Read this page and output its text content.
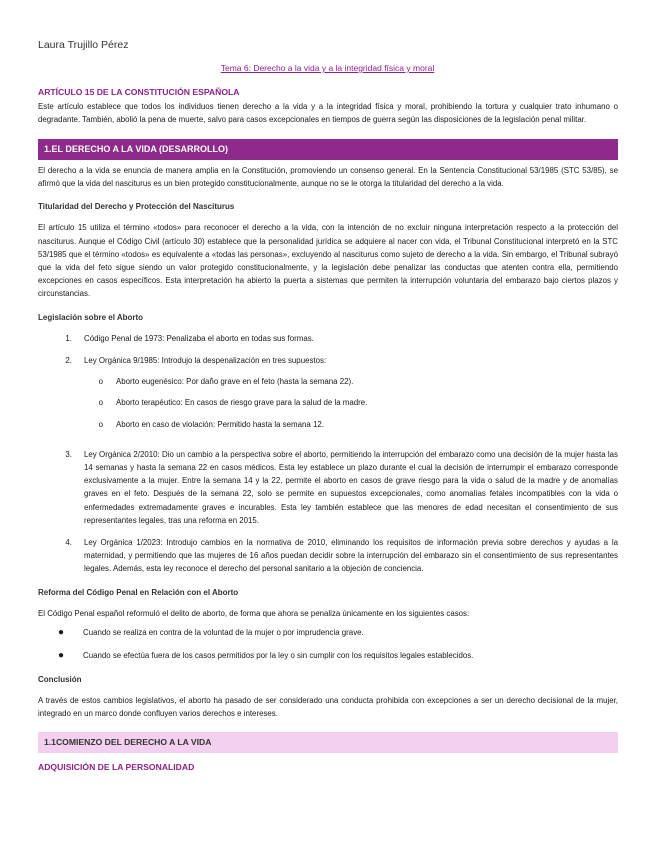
Laura Trujillo Pérez
Tema 6: Derecho a la vida y a la integridad física y moral
ARTÍCULO 15 DE LA CONSTITUCIÓN ESPAÑOLA

Este artículo establece que todos los individuos tienen derecho a la vida y a la integridad física y moral, prohibiendo la tortura y cualquier trato inhumano o degradante. También, abolió la pena de muerte, salvo para casos excepcionales en tiempos de guerra según las disposiciones de la legislación penal militar.

1.EL DERECHO A LA VIDA (DESARROLLO)

El derecho a la vida se enuncia de manera amplia en la Constitución, promoviendo un consenso general. En la Sentencia Constitucional 53/1985 (STC 53/85), se afirmó que la vida del nasciturus es un bien protegido constitucionalmente, aunque no se le otorga la titularidad del derecho a la vida.

Titularidad del Derecho y Protección del Nasciturus

El artículo 15 utiliza el término «todos» para reconocer el derecho a la vida, con la intención de no excluir ninguna interpretación respecto a la protección del nasciturus. Aunque el Código Civil (artículo 30) establece que la personalidad jurídica se adquiere al nacer con vida, el Tribunal Constitucional interpretó en la STC 53/1985 que el término «todos» es equivalente a «todas las personas», excluyendo al nasciturus como sujeto de derecho a la vida. Sin embargo, el Tribunal subrayó que la vida del feto sigue siendo un valor protegido constitucionalmente, y la legislación debe penalizar las conductas que atenten contra ella, permitiendo excepciones en casos específicos. Esta interpretación ha abierto la puerta a sistemas que permiten la interrupción voluntaria del embarazo bajo ciertos plazos y circunstancias.

Legislación sobre el Aborto
1.	Código Penal de 1973: Penalizaba el aborto en todas sus formas.
2.	Ley Orgánica 9/1985: Introdujo la despenalización en tres supuestos:
o	Aborto eugenésico: Por daño grave en el feto (hasta la semana 22).
o	Aborto terapéutico: En casos de riesgo grave para la salud de la madre.
o	Aborto en caso de violación: Permitido hasta la semana 12.
3.	Ley Orgánica 2/2010: Dio un cambio a la perspectiva sobre el aborto, permitiendo la interrupción del embarazo como una decisión de la mujer hasta las 14 semanas y hasta la semana 22 en casos médicos. Esta ley establece un plazo durante el cual la decisión de interrumpir el embarazo corresponde exclusivamente a la mujer. Entre la semana 14 y la 22, permite el aborto en casos de grave riesgo para la vida o salud de la madre y de anomalías graves en el feto. Después de la semana 22, solo se permite en supuestos excepcionales, como anomalías fetales incompatibles con la vida o enfermedades extremadamente graves e incurables. Esta ley también establece que las menores de edad necesitan el consentimiento de sus representantes legales, tras una reforma en 2015.
4.	Ley Orgánica 1/2023: Introdujo cambios en la normativa de 2010, eliminando los requisitos de información previa sobre derechos y ayudas a la maternidad, y permitiendo que las mujeres de 16 años puedan decidir sobre la interrupción del embarazo sin el consentimiento de sus representantes legales. Además, esta ley reconoce el derecho del personal sanitario a la objeción de conciencia.
Reforma del Código Penal en Relación con el Aborto

El Código Penal español reformuló el delito de aborto, de forma que ahora se penaliza únicamente en los siguientes casos:

●	Cuando se realiza en contra de la voluntad de la mujer o por imprudencia grave.
●	Cuando se efectúa fuera de los casos permitidos por la ley o sin cumplir con los requisitos legales establecidos.
Conclusión

A través de estos cambios legislativos, el aborto ha pasado de ser considerado una conducta prohibida con excepciones a ser un derecho decisional de la mujer, integrado en un marco donde confluyen varios derechos e intereses.

1.1COMIENZO DEL DERECHO A LA VIDA
ADQUISICIÓN DE LA PERSONALIDAD
